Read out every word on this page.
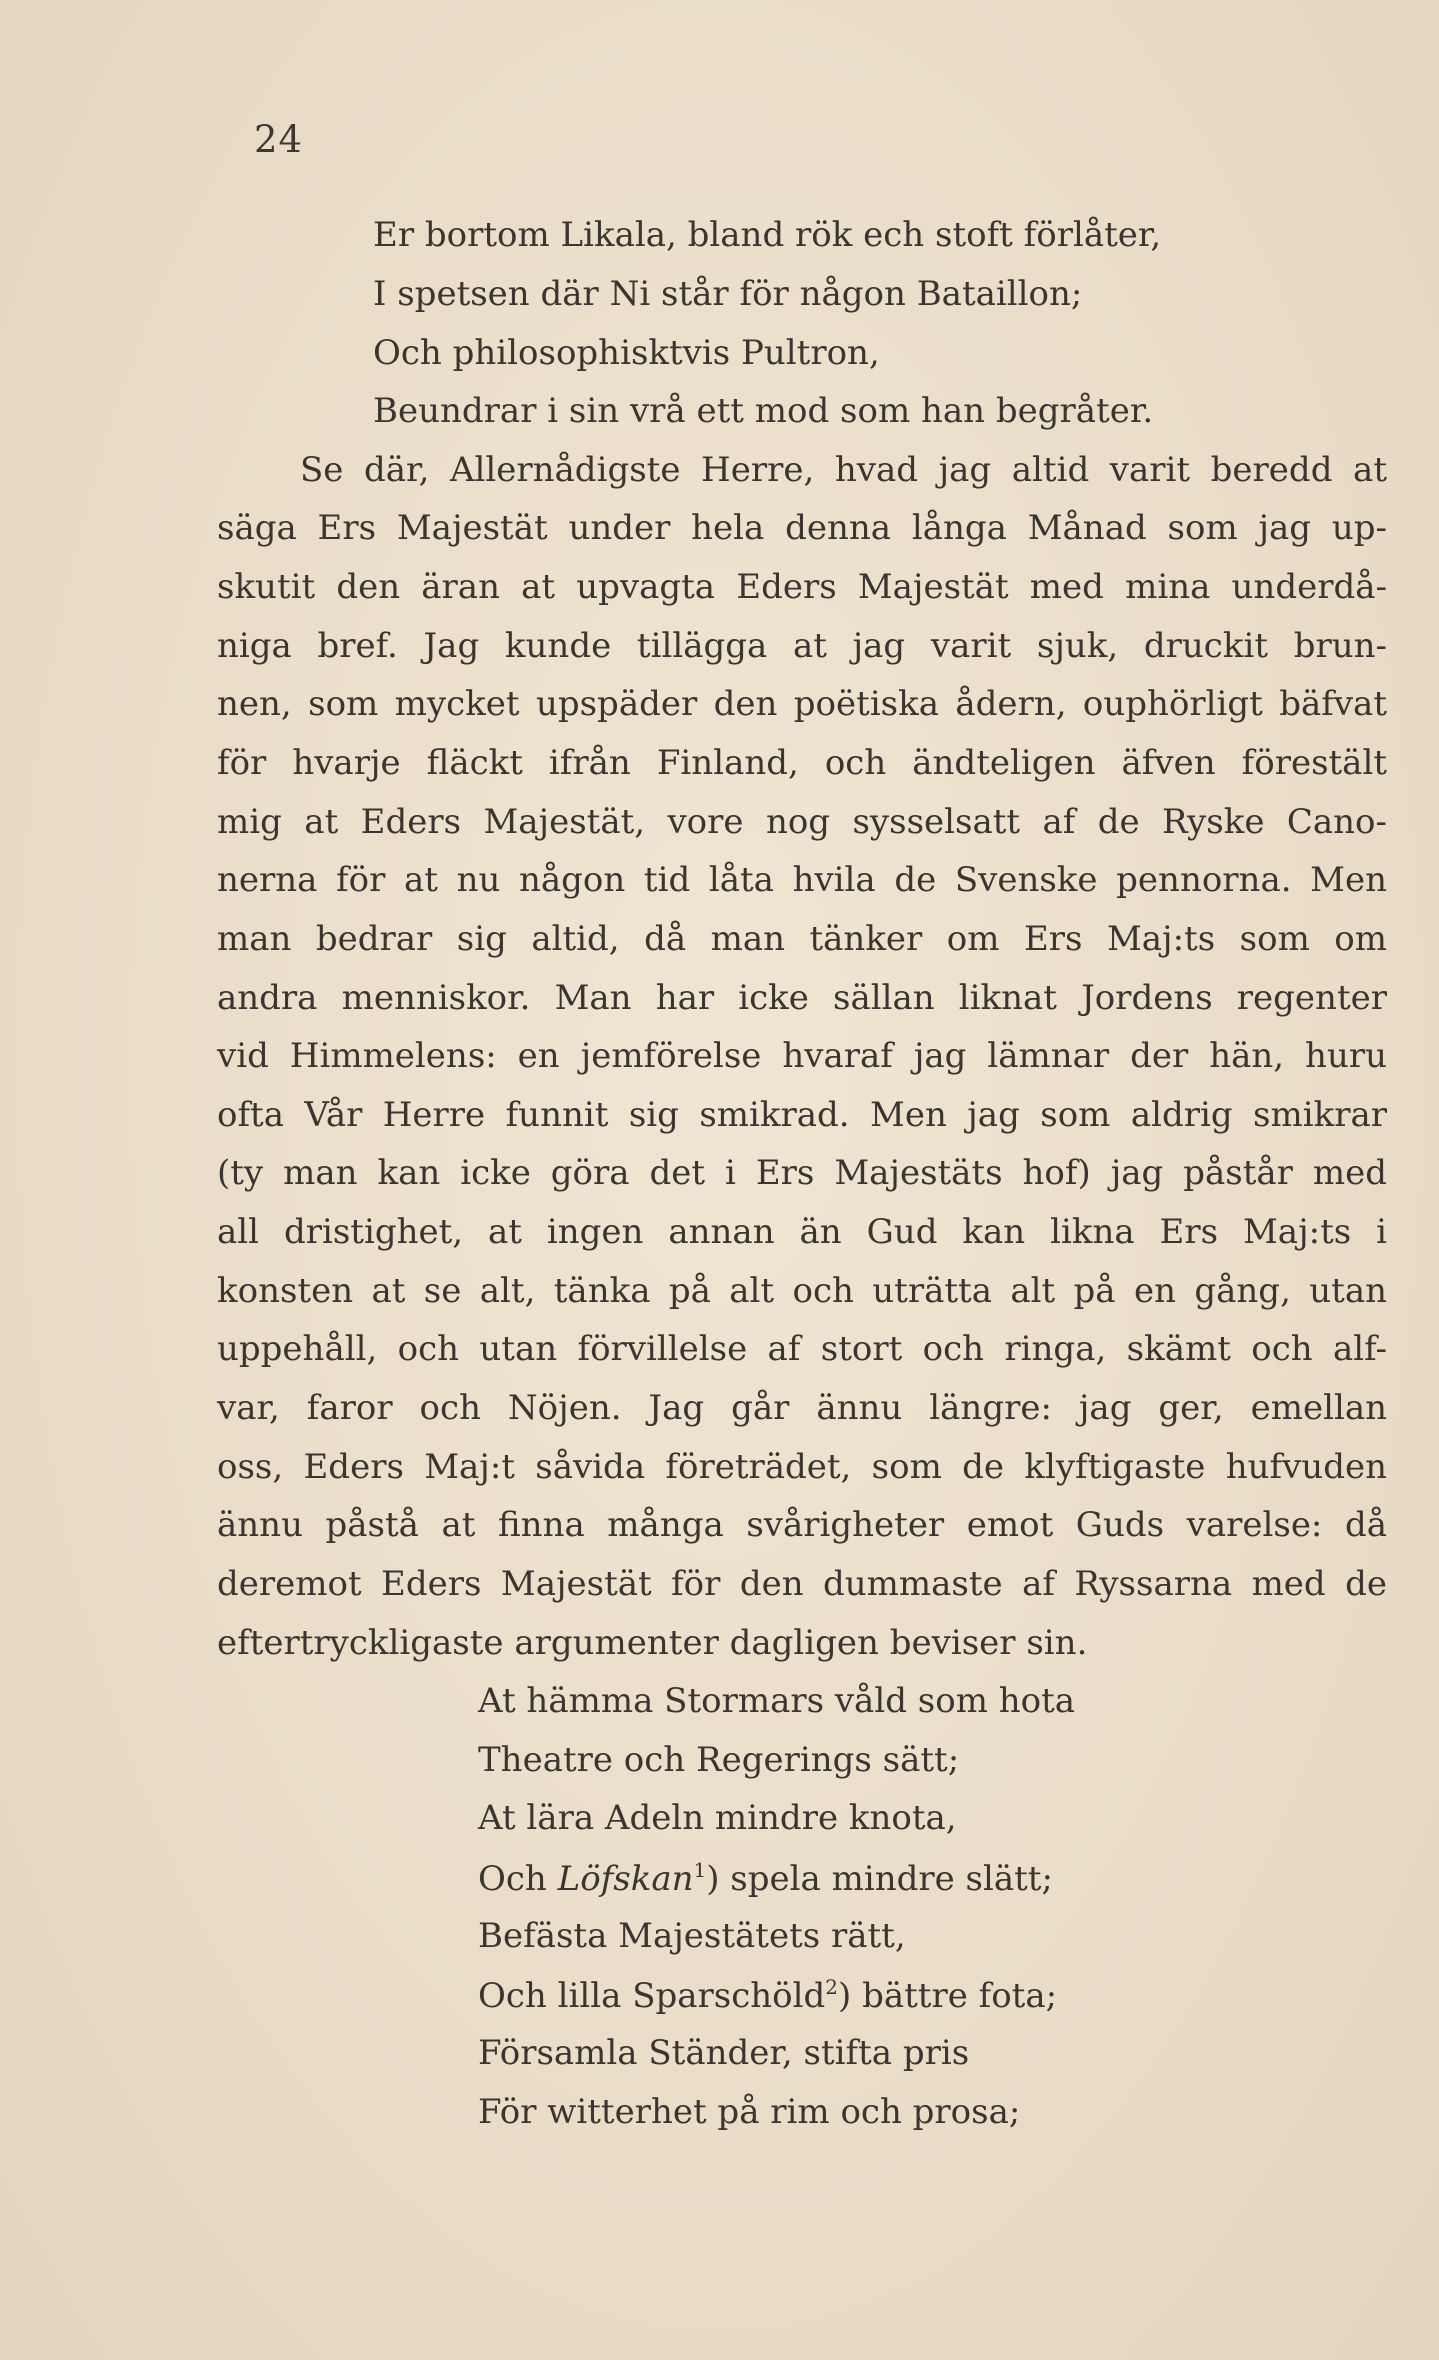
24
Er bortom Likala, bland rök ech stoft förlåter,
I spetsen där Ni står för någon Bataillon;
Och philosophisktvis Pultron,
Beundrar i sin vrå ett mod som han begråter.
Se där, Allernådigste Herre, hvad jag altid varit beredd at
säga Ers Majestät under hela denna långa Månad som jag up-
skutit den äran at upvagta Eders Majestät med mina underdå-
niga bref. Jag kunde tillägga at jag varit sjuk, druckit brun-
nen, som mycket upspäder den poëtiska ådern, ouphörligt bäfvat
för hvarje fläckt ifrån Finland, och ändteligen äfven förestält
mig at Eders Majestät, vore nog sysselsatt af de Ryske Cano-
nerna för at nu någon tid låta hvila de Svenske pennorna. Men
man bedrar sig altid, då man tänker om Ers Maj:ts som om
andra menniskor. Man har icke sällan liknat Jordens regenter
vid Himmelens: en jemförelse hvaraf jag lämnar der hän, huru
ofta Vår Herre funnit sig smikrad. Men jag som aldrig smikrar
(ty man kan icke göra det i Ers Majestäts hof) jag påstår med
all dristighet, at ingen annan än Gud kan likna Ers Maj:ts i
konsten at se alt, tänka på alt och uträtta alt på en gång, utan
uppehåll, och utan förvillelse af stort och ringa, skämt och alf-
var, faror och Nöjen. Jag går ännu längre: jag ger, emellan
oss, Eders Maj:t såvida företrädet, som de klyftigaste hufvuden
ännu påstå at finna många svårigheter emot Guds varelse: då
deremot Eders Majestät för den dummaste af Ryssarna med de
eftertryckligaste argumenter dagligen beviser sin.
At hämma Stormars våld som hota
Theatre och Regerings sätt;
At lära Adeln mindre knota,
Och Löfskan$^1$) spela mindre slätt;
Befästa Majestätets rätt,
Och lilla Sparschöld$^2$) bättre fota;
Församla Ständer, stifta pris
För witterhet på rim och prosa;
